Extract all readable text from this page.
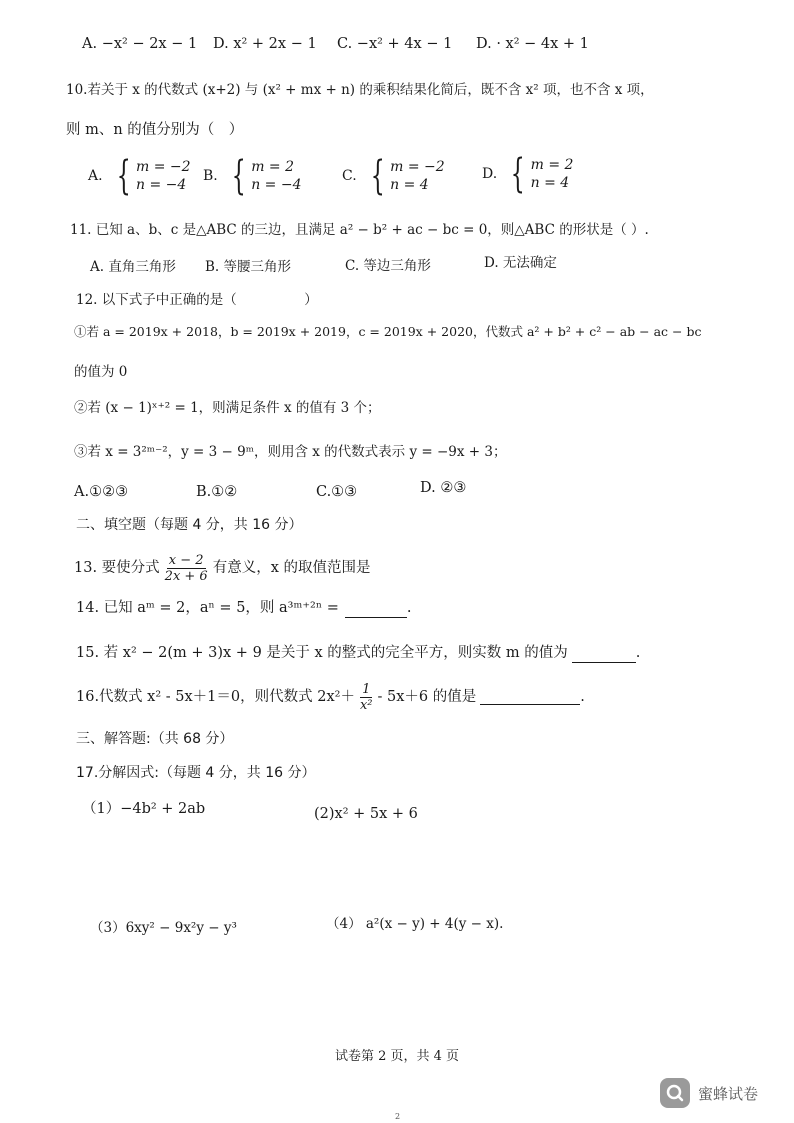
A. −x² − 2x − 1 D. x² + 2x − 1 C. −x² + 4x − 1 D. · x² − 4x + 1
10.若关于 x 的代数式 (x+2) 与 (x² + mx + n) 的乘积结果化简后，既不含 x² 项，也不含 x 项，
则 m、n 的值分别为（　）
A. { m = −2
n = −4
B. { m = 2
n = −4
C. { m = −2
n = 4
D. { m = 2
n = 4
11. 已知 a、b、c 是△ABC 的三边，且满足 a² − b² + ac − bc = 0，则△ABC 的形状是（ ）.
A. 直角三角形 B. 等腰三角形	C. 等边三角形	D. 无法确定
12. 以下式子中正确的是（　　　　　）
①若 a = 2019x + 2018，b = 2019x + 2019，c = 2019x + 2020，代数式 a² + b² + c² − ab − ac − bc
的值为 0
②若 (x − 1)ˣ⁺² = 1，则满足条件 x 的值有 3 个；
③若 x = 3²ᵐ⁻²，y = 3 − 9ᵐ，则用含 x 的代数式表示 y = −9x + 3；
A.①②③	B.①②	C.①③	D. ②③
二、填空题（每题 4 分，共 16 分）
13. 要使分式 $\frac{x - 2}{2x + 6}$ 有意义，x 的取值范围是
14. 已知 aᵐ = 2，aⁿ = 5，则 a³ᵐ⁺²ⁿ =	.
15. 若 x² − 2(m + 3)x + 9 是关于 x 的整式的完全平方，则实数 m 的值为	.
16.代数式 x² - 5x＋1＝0，则代数式 $2x^2+ \frac{1}{\text{x²}} - 5x+6$ 的值是	.
三、解答题:（共 68 分）
17.分解因式:（每题 4 分，共 16 分）
（1）−4b² + 2ab	(2)x² + 5x + 6
（3）6xy² − 9x²y − y³	（4） a²(x − y) + 4(y − x).
试卷第 2 页，共 4 页
蜜蜂试卷
2
